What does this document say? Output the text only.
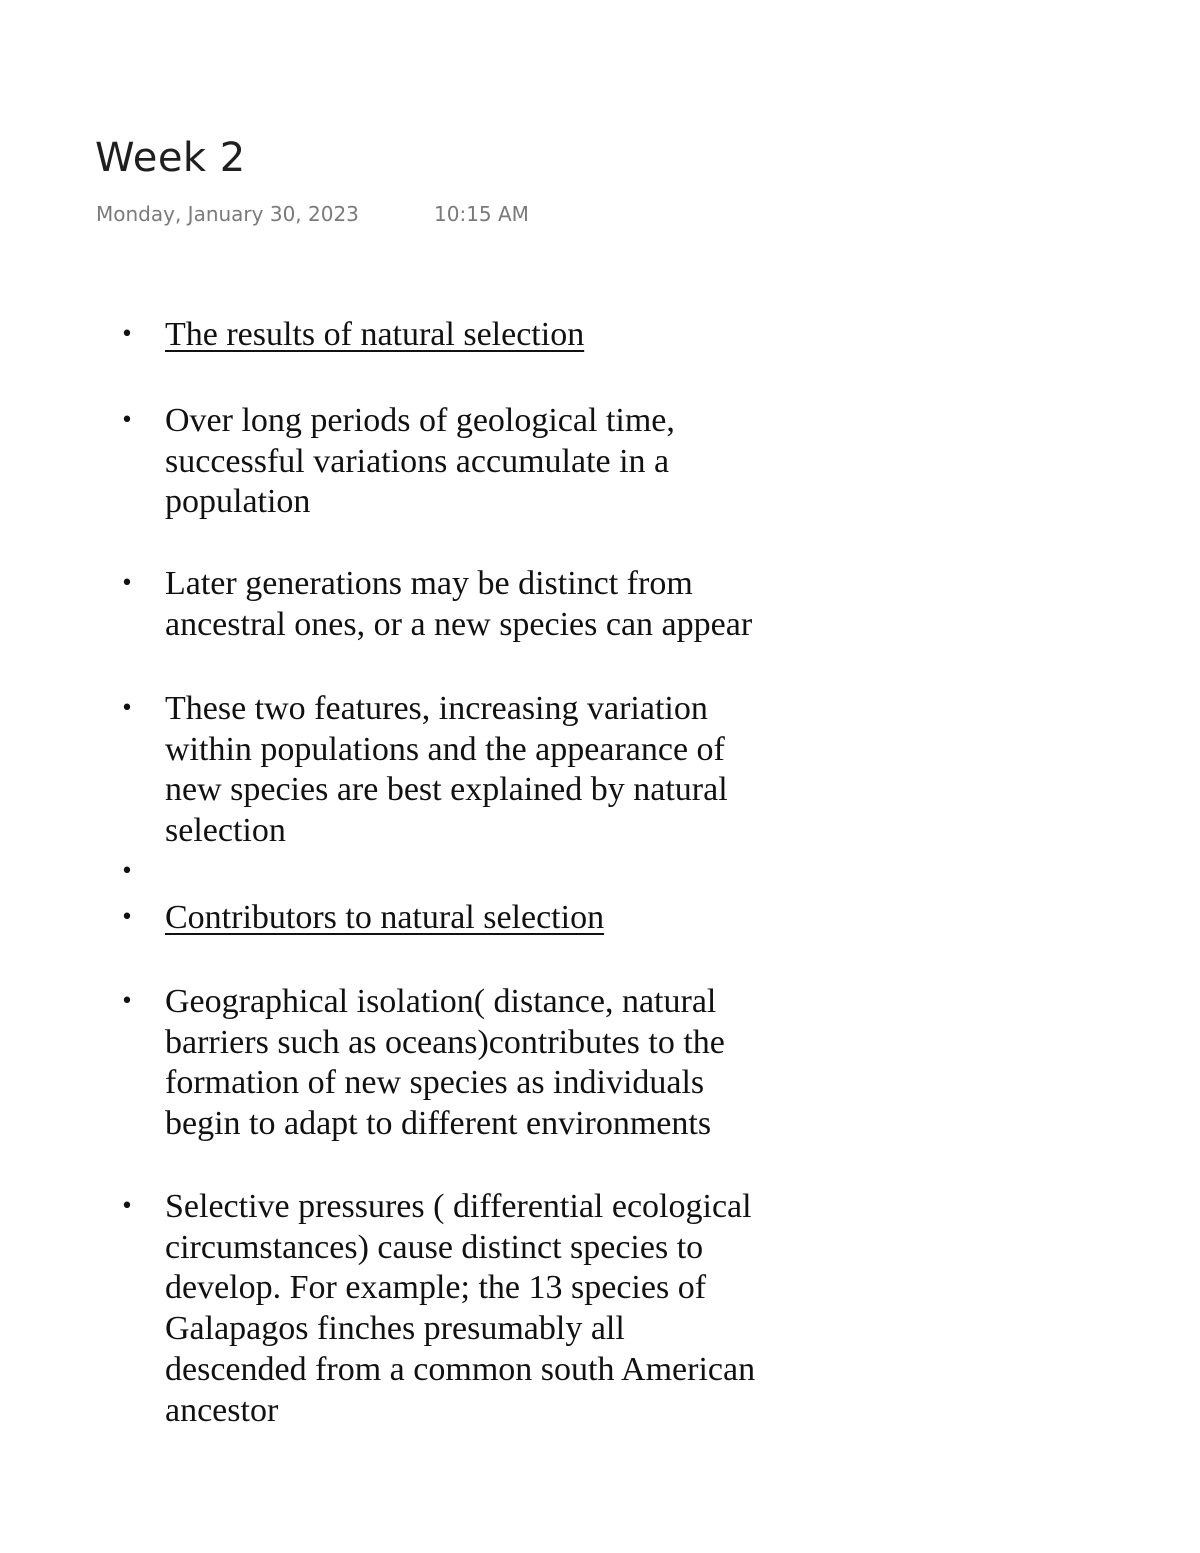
Week 2
Monday, January 30, 2023	10:15 AM
• The results of natural selection
• Over long periods of geological time,
successful variations accumulate in a
population
• Later generations may be distinct from
ancestral ones, or a new species can appear
• These two features, increasing variation
within populations and the appearance of
new species are best explained by natural
selection
•

• Contributors to natural selection
• Geographical isolation( distance, natural
barriers such as oceans)contributes to the
formation of new species as individuals
begin to adapt to different environments
• Selective pressures ( differential ecological
circumstances) cause distinct species to
develop. For example; the 13 species of
Galapagos finches presumably all
descended from a common south American
ancestor
